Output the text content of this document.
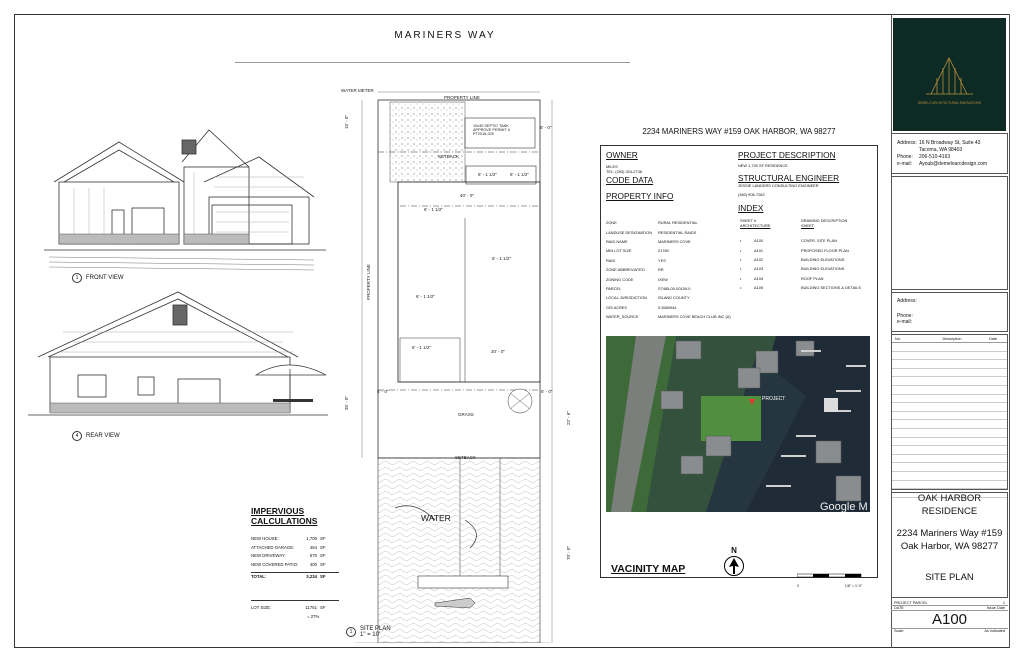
MARINERS WAY
1	FRONT VIEW
4	REAR VIEW
WATER METER
PROPERTY LINE
10x30 SEPTIC TANK APPROVE PERMIT # PT2016-025
SETBACK
GRASS
SETBACK
WATER
PROPERTY LINE
15' - 0"
35' - 0"
5' - 0"
6' - 1 1/2"	6' - 1 1/2"
40' - 0"
6' - 1 1/2"
6' - 1 1/2"
6' - 1 1/2"
6' - 1 1/2"
5' - 0"	5' - 0"
20' - 0"
22' - 6"
70' - 0"
1	SITE PLAN
1" = 10'
IMPERVIOUS CALCULATIONS
NEW HOUSE:	1,700 SF
ATTACHED GARAGE:	464 SF
NEW DRIVEWAY:	670 SF
NEW COVERED PATIO:	400 SF
TOTAL:	3,234 SF
LOT SIZE:	11761 SF
= 27%
2234 MARINERS WAY #159 OAK HARBOR, WA 98277
OWNER
MILES
TEL: (253) 324-2738
CODE DATA
PROPERTY INFO
ZONE	RURAL RESIDENTIAL
LANDUSE DESIGNATION	RESIDENTIAL RAIDS
RAID NAME	MARINERS COVE
MIN LOT SIZE	21780
RAID	YES
ZONE ABBREVIATED	RR
ZONING CODE	IXEW
PARCEL	S7485-00-00159-0
LOCAL JURISDICTION	ISLAND COUNTY
GIS ACRES	0.2680944
WATER_SOURCE	MARINERS COVE BEACH CLUB INC (A)
PROJECT DESCRIPTION
NEW 1,700 SF RESIDENCE
STRUCTURAL ENGINEER
JESSIE LANDERS CONSULTING ENGINEER
(360) 906-7282
INDEX
SHEET #
ARCHITECTURE
DRAWING DESCRIPTION
SHEET
•	A100	COVER, SITE PLAN
•	A101	PROPOSED FLOOR PLAN
•	A102	BUILDING ELEVATIONS
•	A103	BUILDING ELEVATIONS
•	A104	ROOF PLAN
•	A105	BUILDING SECTIONS & DETAILS
PROJECT
Google M
VACINITY MAP
N
0	1/8" = 1'-0"
DEMELO ARCHITECTURAL INNOVATIONS
Address: 16 N Broadway St, Suite 43
Tacoma, WA 98403
Phone:	206-510-4163
e-mail:	Ayoub@demeloarcdesign.com
Address:
Phone:
e-mail:
No.	Description	Date
OAK HARBOR RESIDENCE
2234 Mariners Way #159 Oak Harbor, WA 98277
SITE PLAN
PROJECT PARCEL	1
DATE	Issue Date
A100
Scale	As indicated
